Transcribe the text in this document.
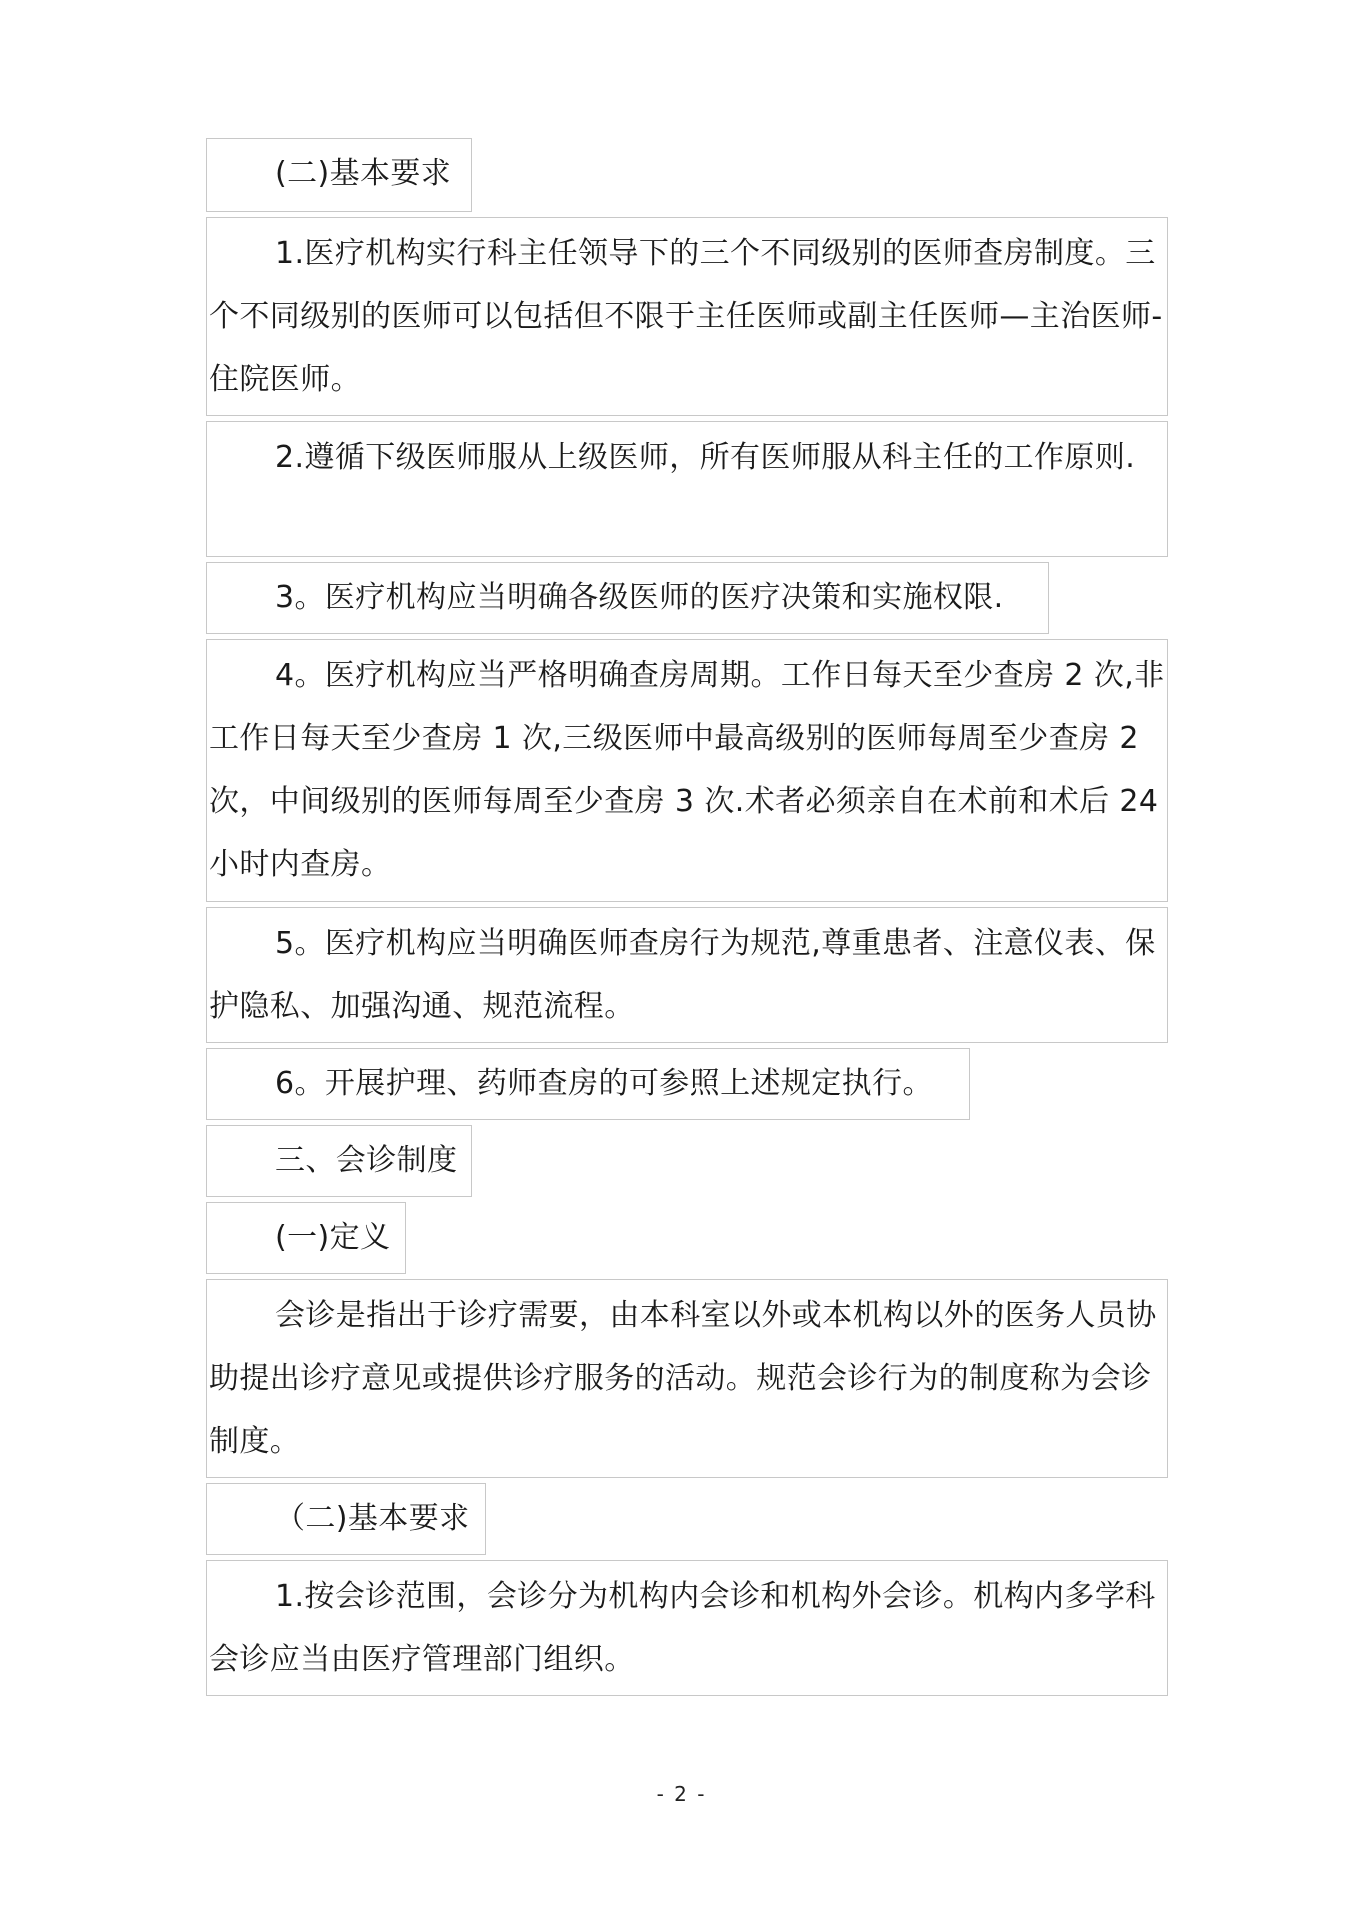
(二)基本要求
1.医疗机构实行科主任领导下的三个不同级别的医师查房制度。三个不同级别的医师可以包括但不限于主任医师或副主任医师—主治医师-住院医师。
2.遵循下级医师服从上级医师，所有医师服从科主任的工作原则.
3。医疗机构应当明确各级医师的医疗决策和实施权限.
4。医疗机构应当严格明确查房周期。工作日每天至少查房 2 次,非工作日每天至少查房 1 次,三级医师中最高级别的医师每周至少查房 2 次，中间级别的医师每周至少查房 3 次.术者必须亲自在术前和术后 24 小时内查房。
5。医疗机构应当明确医师查房行为规范,尊重患者、注意仪表、保护隐私、加强沟通、规范流程。
6。开展护理、药师查房的可参照上述规定执行。
三、会诊制度
(一)定义
会诊是指出于诊疗需要，由本科室以外或本机构以外的医务人员协助提出诊疗意见或提供诊疗服务的活动。规范会诊行为的制度称为会诊制度。
（二)基本要求
1.按会诊范围，会诊分为机构内会诊和机构外会诊。机构内多学科会诊应当由医疗管理部门组织。
- 2 -
